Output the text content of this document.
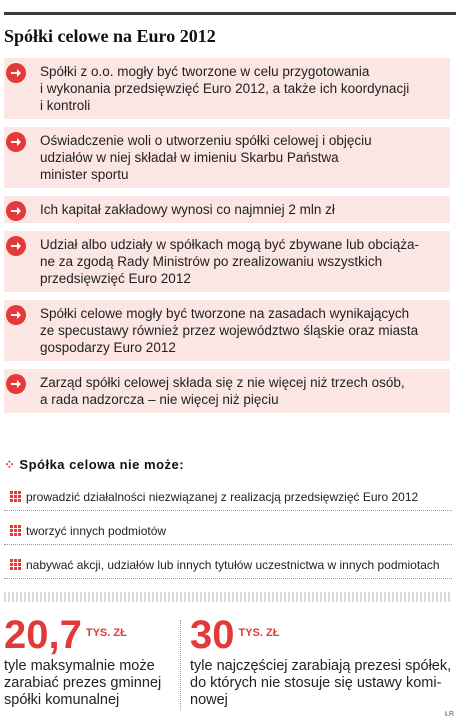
Spółki celowe na Euro 2012
Spółki z o.o. mogły być tworzone w celu przygotowania
i wykonania przedsięwzięć Euro 2012, a także ich koordynacji
i kontroli
Oświadczenie woli o utworzeniu spółki celowej i objęciu
udziałów w niej składał w imieniu Skarbu Państwa
minister sportu
Ich kapitał zakładowy wynosi co najmniej 2 mln zł
Udział albo udziały w spółkach mogą być zbywane lub obciąża-
ne za zgodą Rady Ministrów po zrealizowaniu wszystkich
przedsięwzięć Euro 2012
Spółki celowe mogły być tworzone na zasadach wynikających
ze specustawy również przez województwo śląskie oraz miasta
gospodarzy Euro 2012
Zarząd spółki celowej składa się z nie więcej niż trzech osób,
a rada nadzorcza – nie więcej niż pięciu
⁘ Spółka celowa nie może:
prowadzić działalności niezwiązanej z realizacją przedsięwzięć Euro 2012
tworzyć innych podmiotów
nabywać akcji, udziałów lub innych tytułów uczestnictwa w innych podmiotach
20,7 $^{TYS. ZŁ}$
tyle maksymalnie może
zarabiać prezes gminnej
spółki komunalnej
30 $^{TYS. ZŁ}$
tyle najczęściej zarabiają prezesi spółek,
do których nie stosuje się ustawy komi-
nowej
ŁR
